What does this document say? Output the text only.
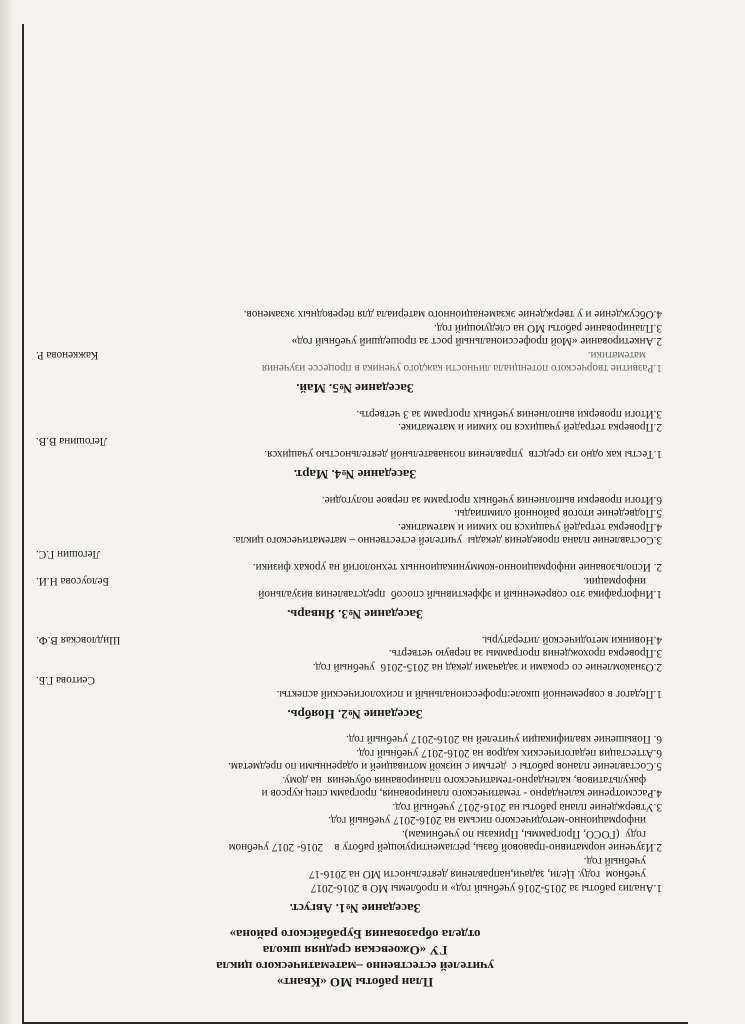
План работы МО «Квант»

учителей естественно –математического цикла

ГУ «Ожоевская средняя школа

отдела образования Бурабайского района»

Заседание №1. Август.

1.Анализ работы за 2015-2016 учебный год» и проблемы МО в 2016-2017

учебном  году. Цели, задачи,направления деятельности МО на 2016-17

учебный год.

2.Изучение нормативно-правовой базы, регламентирующей работу в    2016- 2017 учебном

году  (ГОСО, Программы, Приказы по учебникам).

информационно-методического письма на 2016-2017 учебный год.

3.Утверждение плана работы на 2016-2017 учебный год.

4.Рассмотрение календарно - тематического планирования, программ спец курсов и

факультативов, календарно-тематического планирования обучения  на дому.

5.Составление планов работы с  детьми с низкой мотивацией и одаренными по предметам.

6.Аттестация педагогических кадров на 2016-2017 учебный год.

6. Повышение квалификации учителей на 2016-2017 учебный год.

Заседание №2. Ноябрь.

1.Педагог в современной школе:профессиональный и психологический аспекты.

Сеитова Г.Б.

2.Ознакомление со сроками и задачами декад на 2015-2016  учебный год.

3.Проверка прохождения программы за первую четверть.

4.Новинки методической литературы.

Шидловская В.Ф.

Заседание №3. Январь.

1.Инфографика это современный и эффективный способ  представления визуальной

информации.

Белоусова Н.И.

2. Использование информационно-коммуникационных технологий на уроках физики.

Легошин Г.С.

3.Составление плана проведения декады  учителей естественно – математического цикла.

4.Проверка тетрадей учащихся по химии и математике.

5.Подведение итогов районной олимпиады.

6.Итоги проверки выполнения учебных программ за первое полугодие.

Заседание №4. Март.

1.Тесты как одно из средств  управления познавательной деятельностью учащихся.

Легошина В.В.

2.Проверка тетрадей учащихся по химии и математике.

3.Итоги проверки выполнения учебных программ за 3 четверть.

Заседание №5. Май.

1.Развитие творческого потенциала личности каждого ученика в процессе изучения

математики.

Кажкенова Р.

2.Анкетирование «Мой профессиональный рост за прошедший учебный год»

3.Планирование работы МО на следующий год.

4.Обсуждение и у тверждение экзаменационного материала для переводных экзаменов.
